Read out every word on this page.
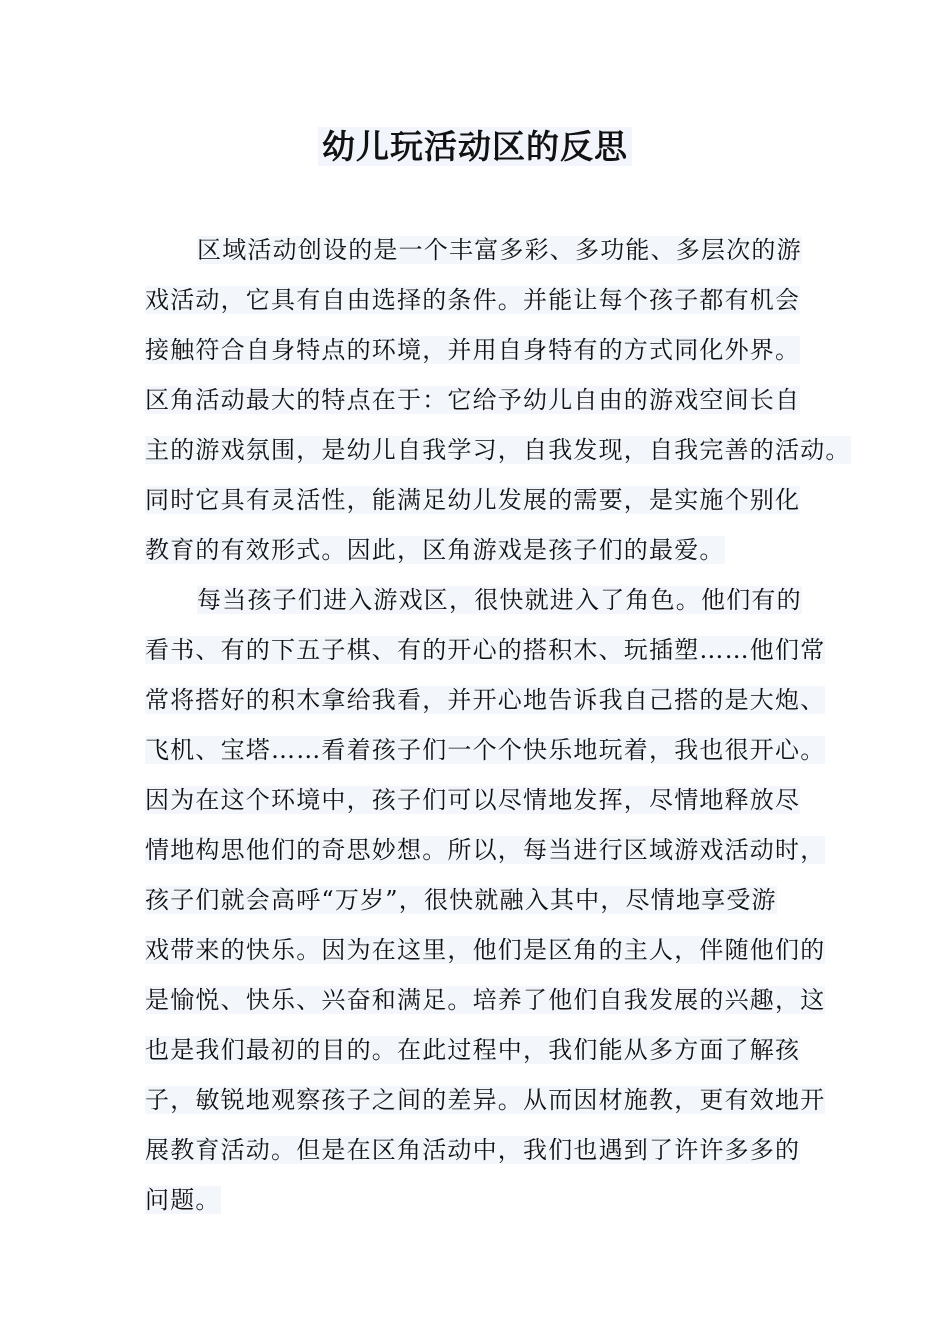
幼儿玩活动区的反思
区域活动创设的是一个丰富多彩、多功能、多层次的游
戏活动，它具有自由选择的条件。并能让每个孩子都有机会
接触符合自身特点的环境，并用自身特有的方式同化外界。
区角活动最大的特点在于：它给予幼儿自由的游戏空间长自
主的游戏氛围，是幼儿自我学习，自我发现，自我完善的活动。
同时它具有灵活性，能满足幼儿发展的需要，是实施个别化
教育的有效形式。因此，区角游戏是孩子们的最爱。
每当孩子们进入游戏区，很快就进入了角色。他们有的
看书、有的下五子棋、有的开心的搭积木、玩插塑……他们常
常将搭好的积木拿给我看，并开心地告诉我自己搭的是大炮、
飞机、宝塔……看着孩子们一个个快乐地玩着，我也很开心。
因为在这个环境中，孩子们可以尽情地发挥，尽情地释放尽
情地构思他们的奇思妙想。所以，每当进行区域游戏活动时，
孩子们就会高呼“万岁”，很快就融入其中，尽情地享受游
戏带来的快乐。因为在这里，他们是区角的主人，伴随他们的
是愉悦、快乐、兴奋和满足。培养了他们自我发展的兴趣，这
也是我们最初的目的。在此过程中，我们能从多方面了解孩
子，敏锐地观察孩子之间的差异。从而因材施教，更有效地开
展教育活动。但是在区角活动中，我们也遇到了许许多多的
问题。
